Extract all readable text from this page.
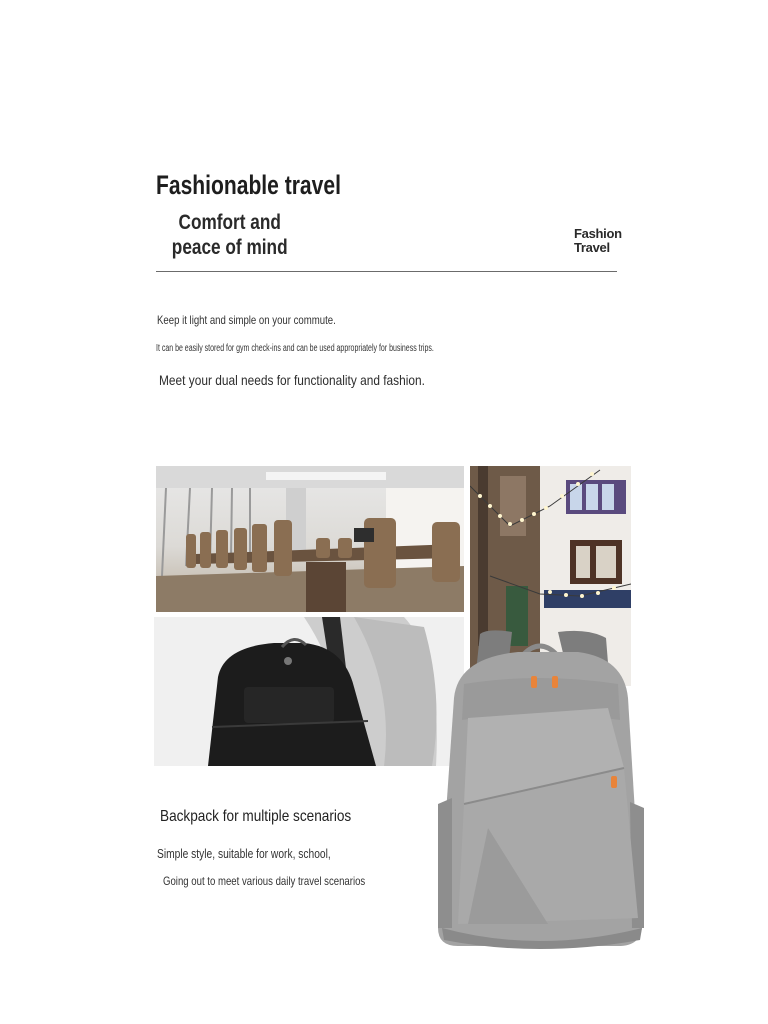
Fashionable travel
Comfort and peace of mind
Fashion
Travel
Keep it light and simple on your commute.
It can be easily stored for gym check-ins and can be used appropriately for business trips.
Meet your dual needs for functionality and fashion.
Backpack for multiple scenarios
Simple style, suitable for work, school,
Going out to meet various daily travel scenarios
